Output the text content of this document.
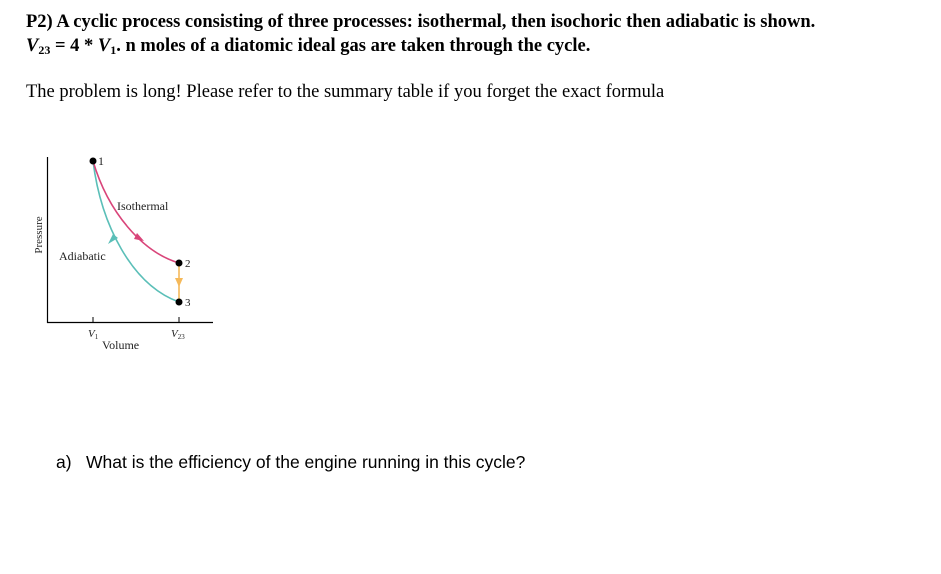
P2) A cyclic process consisting of three processes: isothermal, then isochoric then adiabatic is shown.

$V_{23} = 4 * V_1$. n moles of a diatomic ideal gas are taken through the cycle.

The problem is long! Please refer to the summary table if you forget the exact formula

1
2
3
Isothermal
Adiabatic
Pressure
Volume
V1	V23

a) What is the efficiency of the engine running in this cycle?
